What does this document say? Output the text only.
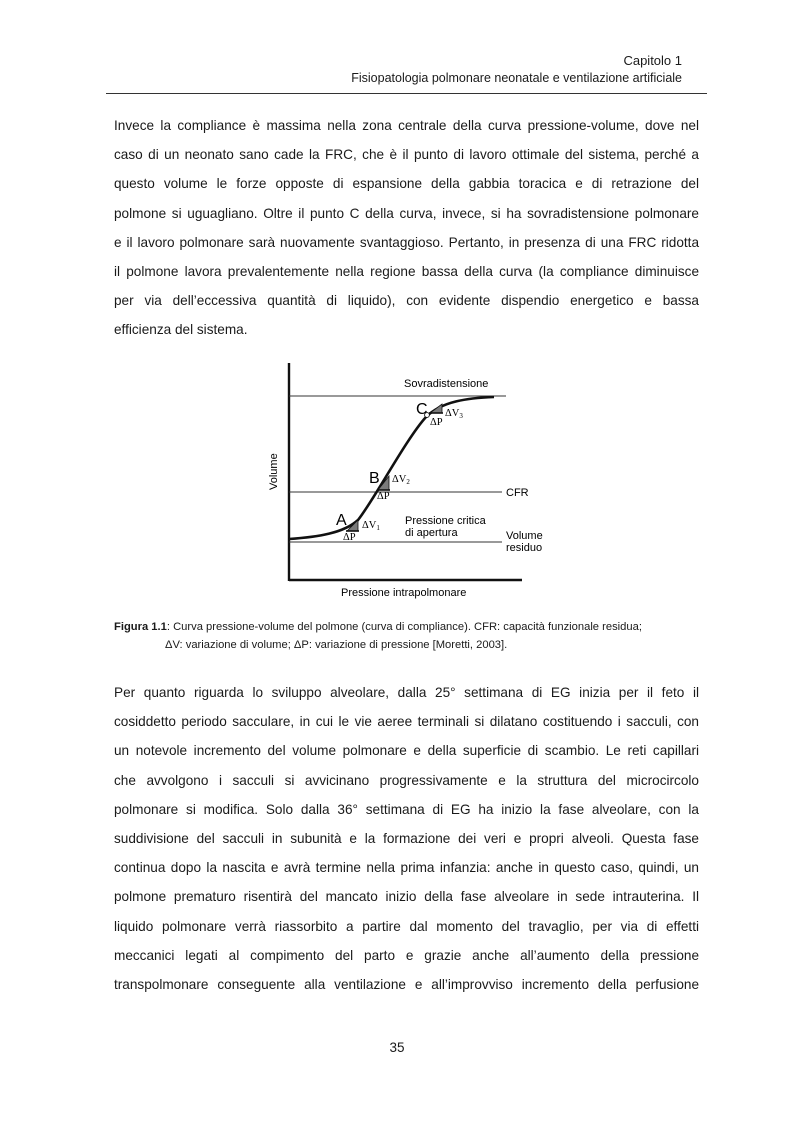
Capitolo 1
Fisiopatologia polmonare neonatale e ventilazione artificiale
Invece la compliance è massima nella zona centrale della curva pressione-volume, dove nel
caso di un neonato sano cade la FRC, che è il punto di lavoro ottimale del sistema, perché a
questo volume le forze opposte di espansione della gabbia toracica e di retrazione del
polmone si uguagliano. Oltre il punto C della curva, invece, si ha sovradistensione polmonare
e il lavoro polmonare sarà nuovamente svantaggioso. Pertanto, in presenza di una FRC ridotta
il polmone lavora prevalentemente nella regione bassa della curva (la compliance diminuisce
per via dell’eccessiva quantità di liquido), con evidente dispendio energetico e bassa
efficienza del sistema.
A
B
C
ΔV1
ΔP
ΔV2
ΔP
ΔV3
ΔP
Sovradistensione
CFR
Volume
residuo
Pressione critica
di apertura
Pressione intrapolmonare
Volume
Figura 1.1: Curva pressione-volume del polmone (curva di compliance). CFR: capacità funzionale residua;
ΔV: variazione di volume; ΔP: variazione di pressione [Moretti, 2003].
Per quanto riguarda lo sviluppo alveolare, dalla 25° settimana di EG inizia per il feto il
cosiddetto periodo sacculare, in cui le vie aeree terminali si dilatano costituendo i sacculi, con
un notevole incremento del volume polmonare e della superficie di scambio. Le reti capillari
che avvolgono i sacculi si avvicinano progressivamente e la struttura del microcircolo
polmonare si modifica. Solo dalla 36° settimana di EG ha inizio la fase alveolare, con la
suddivisione del sacculi in subunità e la formazione dei veri e propri alveoli. Questa fase
continua dopo la nascita e avrà termine nella prima infanzia: anche in questo caso, quindi, un
polmone prematuro risentirà del mancato inizio della fase alveolare in sede intrauterina. Il
liquido polmonare verrà riassorbito a partire dal momento del travaglio, per via di effetti
meccanici legati al compimento del parto e grazie anche all’aumento della pressione
transpolmonare conseguente alla ventilazione e all’improvviso incremento della perfusione
35
